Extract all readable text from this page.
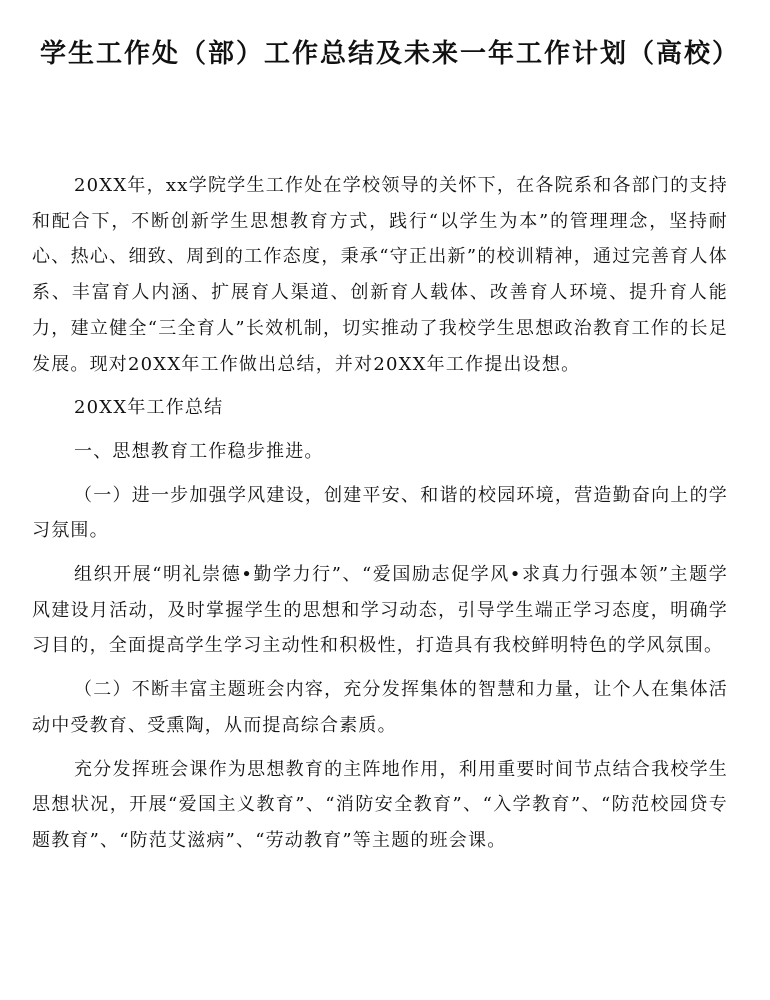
学生工作处（部）工作总结及未来一年工作计划（高校）

20XX年，xx学院学生工作处在学校领导的关怀下，在各院系和各部门的支持和配合下，不断创新学生思想教育方式，践行“以学生为本”的管理理念，坚持耐心、热心、细致、周到的工作态度，秉承“守正出新”的校训精神，通过完善育人体系、丰富育人内涵、扩展育人渠道、创新育人载体、改善育人环境、提升育人能力，建立健全“三全育人”长效机制，切实推动了我校学生思想政治教育工作的长足发展。现对20XX年工作做出总结，并对20XX年工作提出设想。

20XX年工作总结

一、思想教育工作稳步推进。

（一）进一步加强学风建设，创建平安、和谐的校园环境，营造勤奋向上的学习氛围。

组织开展“明礼崇德•勤学力行”、“爱国励志促学风•求真力行强本领”主题学风建设月活动，及时掌握学生的思想和学习动态，引导学生端正学习态度，明确学习目的，全面提高学生学习主动性和积极性，打造具有我校鲜明特色的学风氛围。

（二）不断丰富主题班会内容，充分发挥集体的智慧和力量，让个人在集体活动中受教育、受熏陶，从而提高综合素质。

充分发挥班会课作为思想教育的主阵地作用，利用重要时间节点结合我校学生思想状况，开展“爱国主义教育”、“消防安全教育”、“入学教育”、“防范校园贷专题教育”、“防范艾滋病”、“劳动教育”等主题的班会课。
